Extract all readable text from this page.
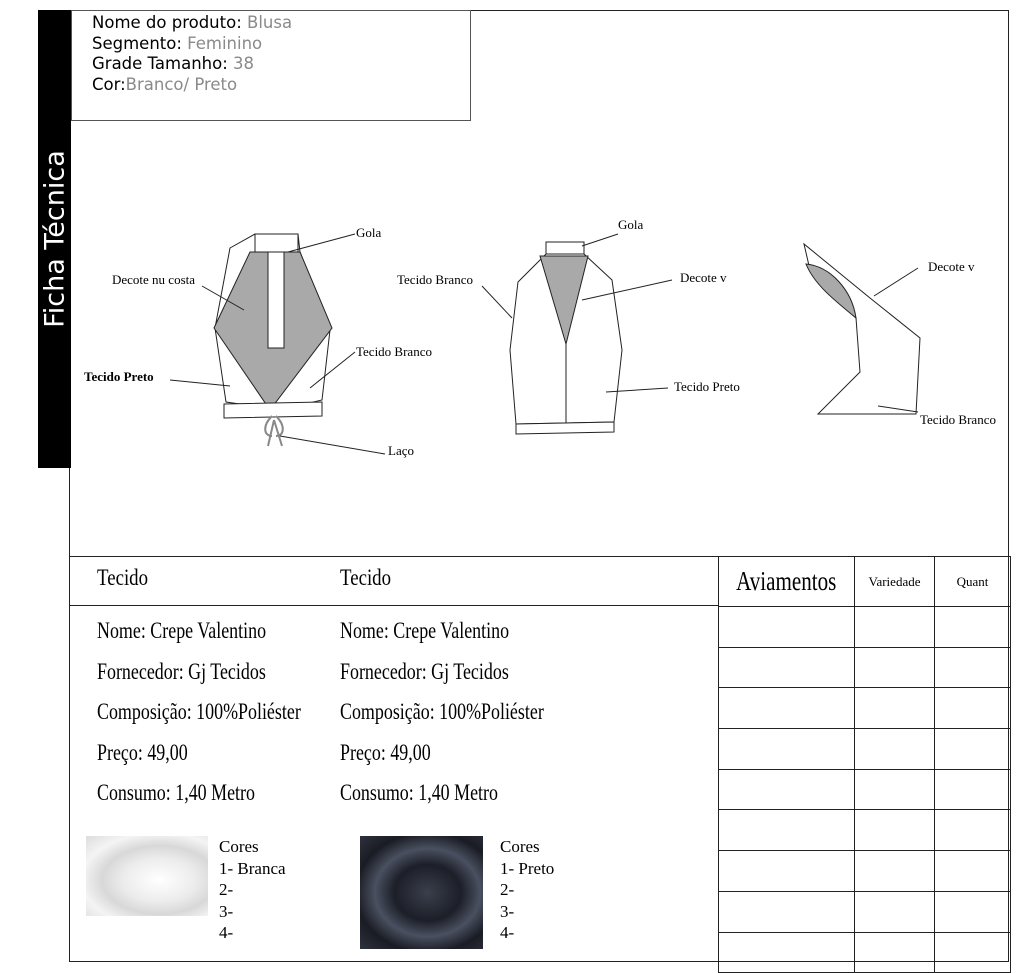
Ficha Técnica
Nome do produto: Blusa
Segmento: Feminino
Grade Tamanho: 38
Cor:Branco/ Preto
Gola
Decote nu costa
Tecido Branco
Tecido Preto
Laço
Gola
Tecido Branco	Decote v
Tecido Preto
Decote v
Tecido Branco
Tecido
Nome: Crepe Valentino
Fornecedor: Gj Tecidos
Composição: 100%Poliéster
Preço: 49,00
Consumo: 1,40 Metro
Tecido
Nome: Crepe Valentino
Fornecedor: Gj Tecidos
Composição: 100%Poliéster
Preço: 49,00
Consumo: 1,40 Metro
Cores
1- Branca
2-
3-
4-
Cores
1- Preto
2-
3-
4-
Aviamentos	Variedade	Quant
